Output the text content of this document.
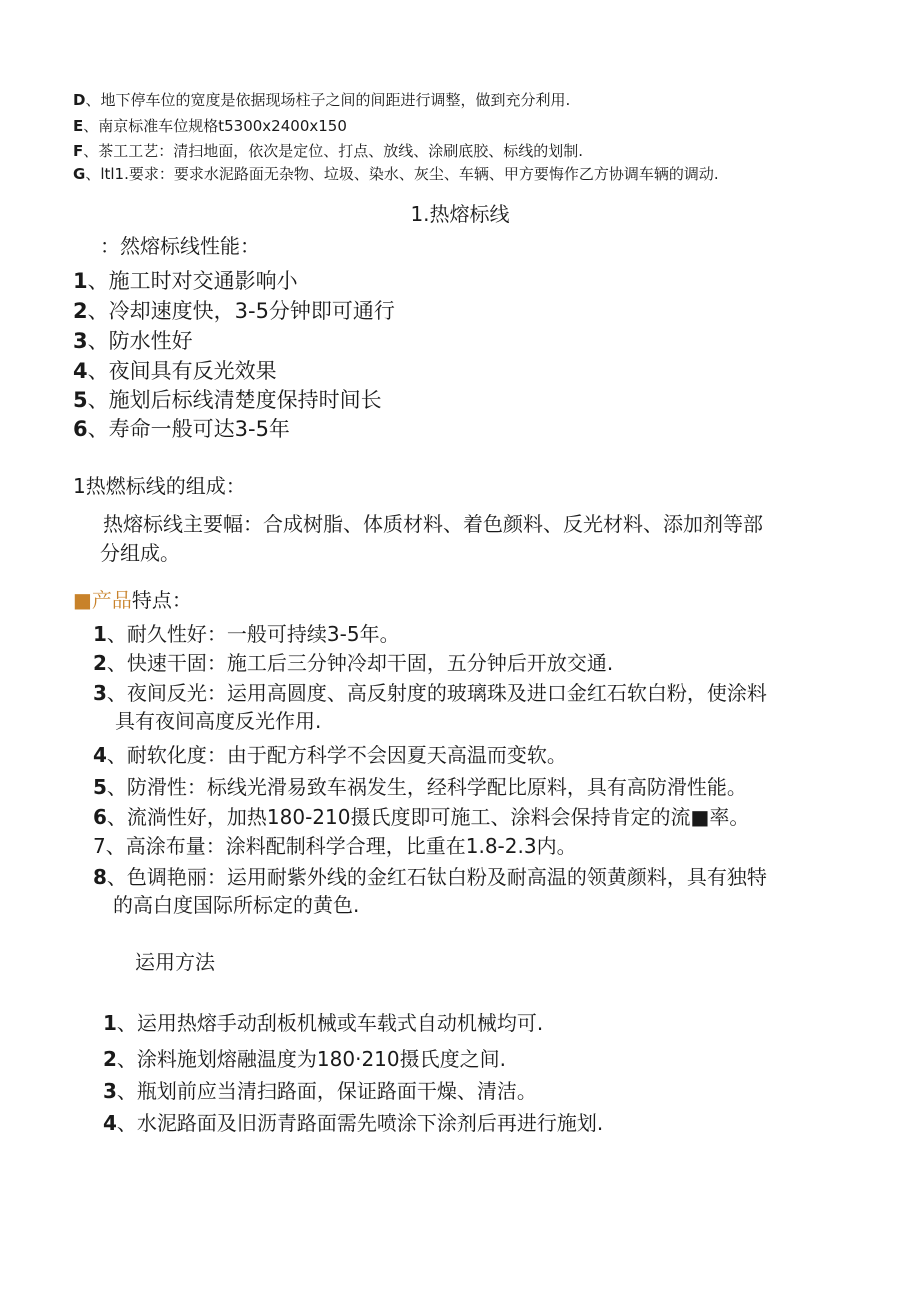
D、地下停车位的宽度是依据现场柱子之间的间距进行调整，做到充分利用.
E、南京标准车位规格t5300x2400x150
F、茶工工艺：清扫地面，依次是定位、打点、放线、涂刷底胶、标线的划制.
G、ltl1.要求：要求水泥路面无杂物、垃圾、染水、灰尘、车辆、甲方要悔作乙方协调车辆的调动.
1.热熔标线
：然熔标线性能：
1、施工时对交通影响小
2、冷却速度快，3-5分钟即可通行
3、防水性好
4、夜间具有反光效果
5、施划后标线清楚度保持时间长
6、寿命一般可达3-5年
1热燃标线的组成：
热熔标线主要幅：合成树脂、体质材料、着色颜料、反光材料、添加剂等部
分组成。
■产品特点：
1、耐久性好：一般可持续3-5年。
2、快速干固：施工后三分钟冷却干固，五分钟后开放交通.
3、夜间反光：运用高圆度、高反射度的玻璃珠及进口金红石软白粉，使涂料
具有夜间高度反光作用.
4、耐软化度：由于配方科学不会因夏天高温而变软。
5、防滑性：标线光滑易致车祸发生，经科学配比原料，具有高防滑性能。
6、流淌性好，加热180-210摄氏度即可施工、涂料会保持肯定的流■率。
7、高涂布量：涂料配制科学合理，比重在1.8-2.3内。
8、色调艳丽：运用耐紫外线的金红石钛白粉及耐高温的领黄颜料，具有独特
的高白度国际所标定的黄色.
运用方法
1、运用热熔手动刮板机械或车载式自动机械均可.
2、涂料施划熔融温度为180·210摄氏度之间.
3、瓶划前应当清扫路面，保证路面干燥、清洁。
4、水泥路面及旧沥青路面需先喷涂下涂剂后再进行施划.
